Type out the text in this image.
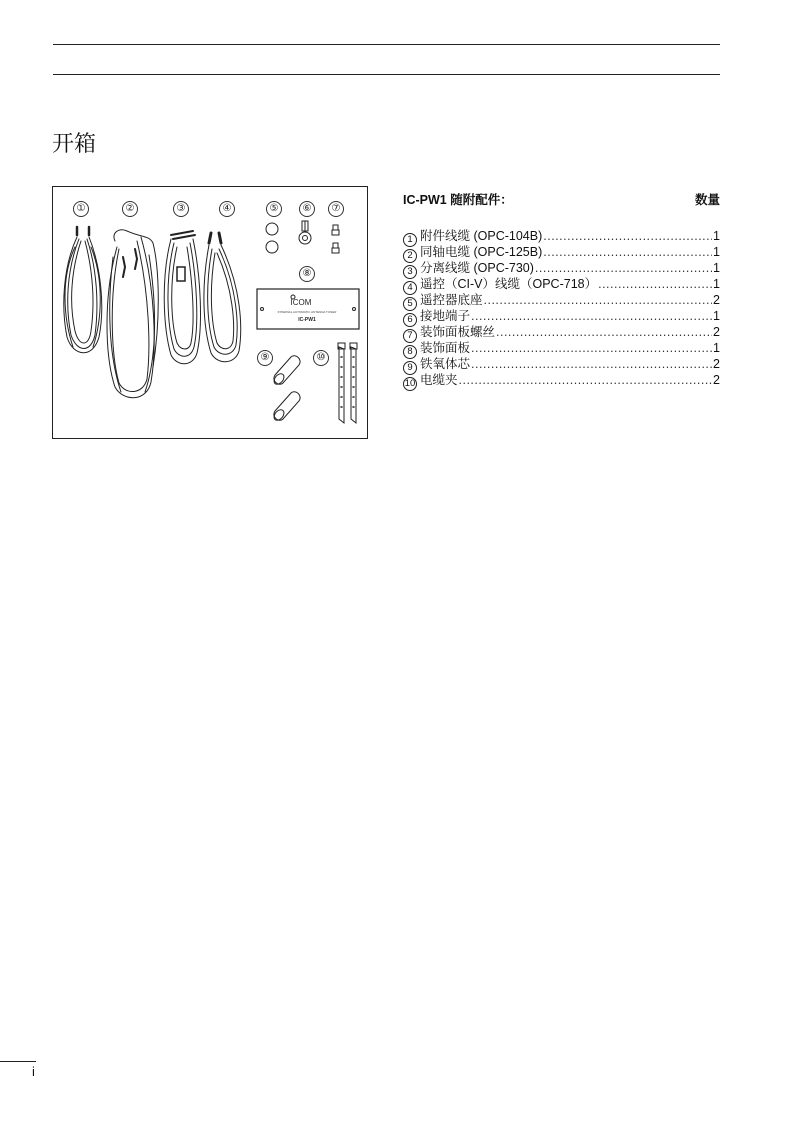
开箱
ICOM
INTERNAL AUTOMATIC ANTENNA TUNER
IC-PW1
①	②	③	④	⑤	⑥	⑦
⑧
⑨	⑩
IC-PW1 随附配件：	数量
1 附件线缆 (OPC-104B) .....	1
2 同轴电缆 (OPC-125B) .....	1
3 分离线缆 (OPC-730) .....	1
4 遥控（CI-V）线缆（OPC-718） .....	1
5 遥控器底座 .....	2
6 接地端子 .....	1
7 装饰面板螺丝 .....	2
8 装饰面板 .....	1
9 铁氧体芯 .....	2
10 电缆夹 .....	2
i
